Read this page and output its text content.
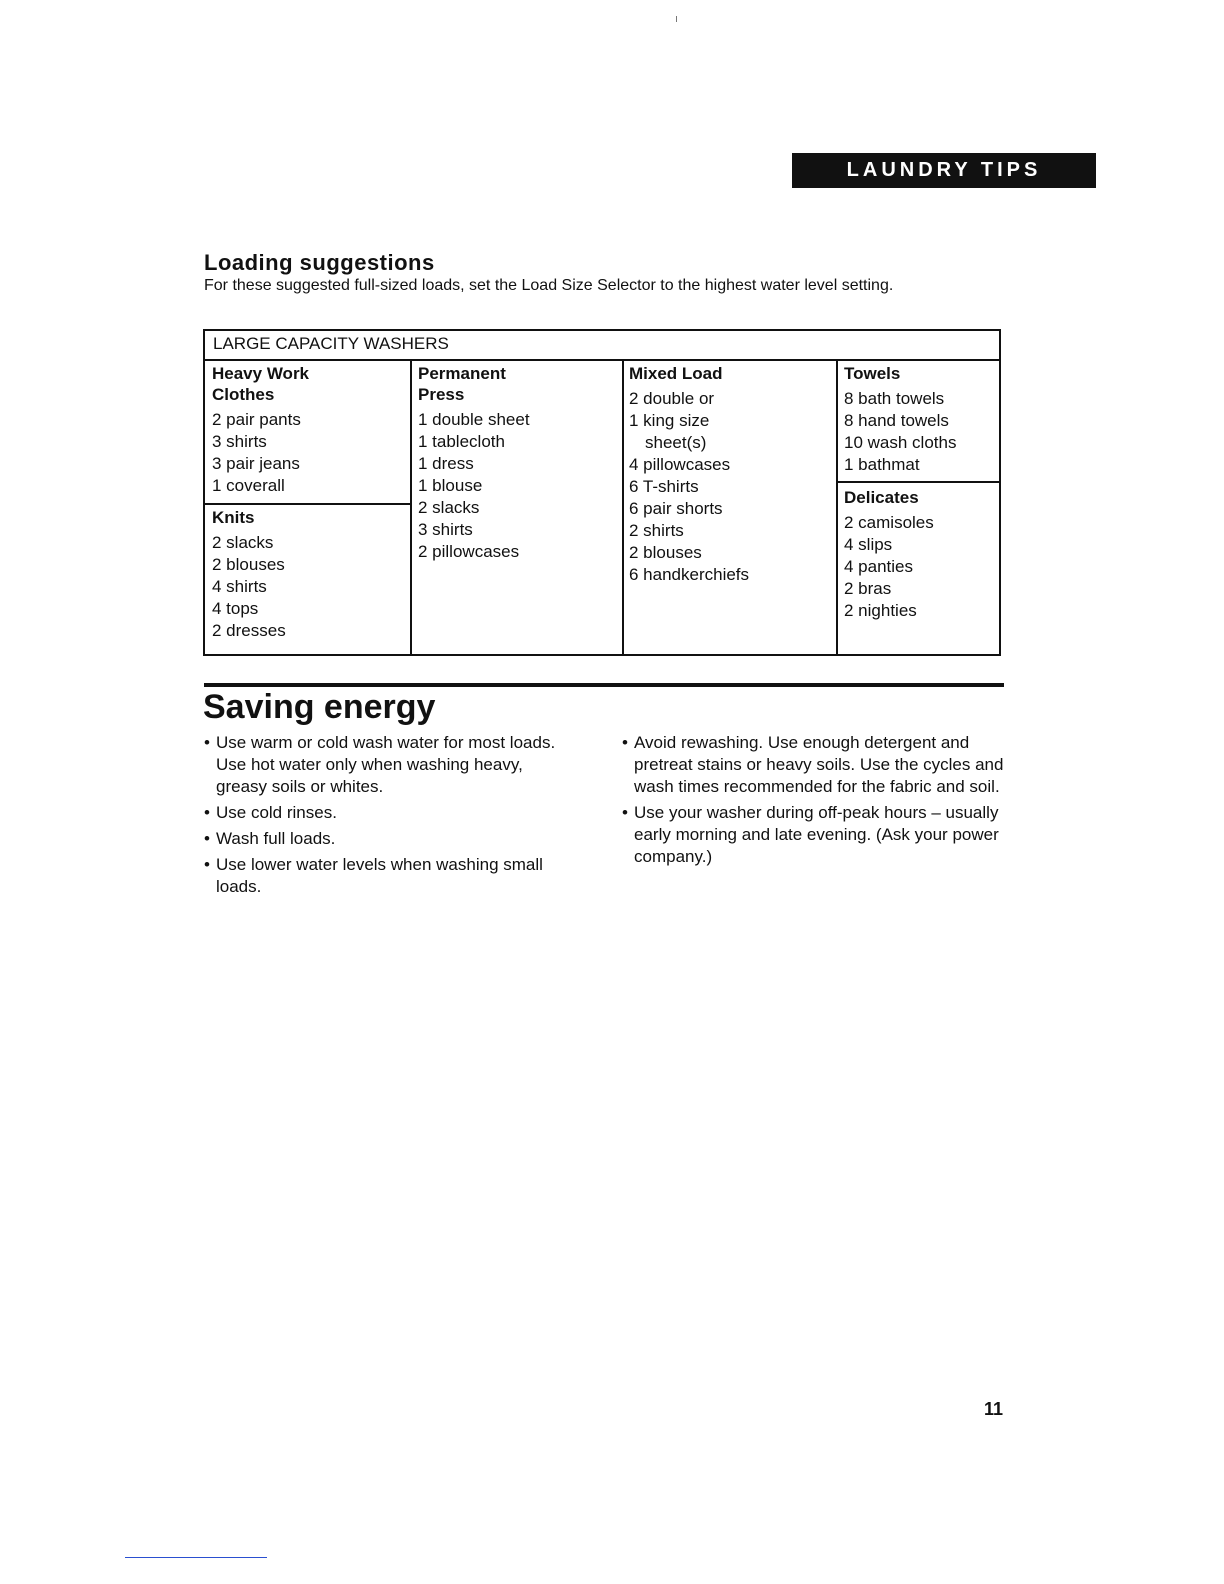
LAUNDRY TIPS
Loading suggestions
For these suggested full-sized loads, set the Load Size Selector to the highest water level setting.
LARGE CAPACITY WASHERS
Heavy Work
Clothes
2 pair pants
3 shirts
3 pair jeans
1 coverall
Knits
2 slacks
2 blouses
4 shirts
4 tops
2 dresses
Permanent
Press
1 double sheet
1 tablecloth
1 dress
1 blouse
2 slacks
3 shirts
2 pillowcases
Mixed Load
2 double or
1 king size
sheet(s)
4 pillowcases
6 T-shirts
6 pair shorts
2 shirts
2 blouses
6 handkerchiefs
Towels
8 bath towels
8 hand towels
10 wash cloths
1 bathmat
Delicates
2 camisoles
4 slips
4 panties
2 bras
2 nighties
Saving energy
• Use warm or cold wash water for most loads. Use hot water only when washing heavy, greasy soils or whites.
• Use cold rinses.
• Wash full loads.
• Use lower water levels when washing small loads.
• Avoid rewashing. Use enough detergent and pretreat stains or heavy soils. Use the cycles and wash times recommended for the fabric and soil.
• Use your washer during off-peak hours – usually early morning and late evening. (Ask your power company.)
11
